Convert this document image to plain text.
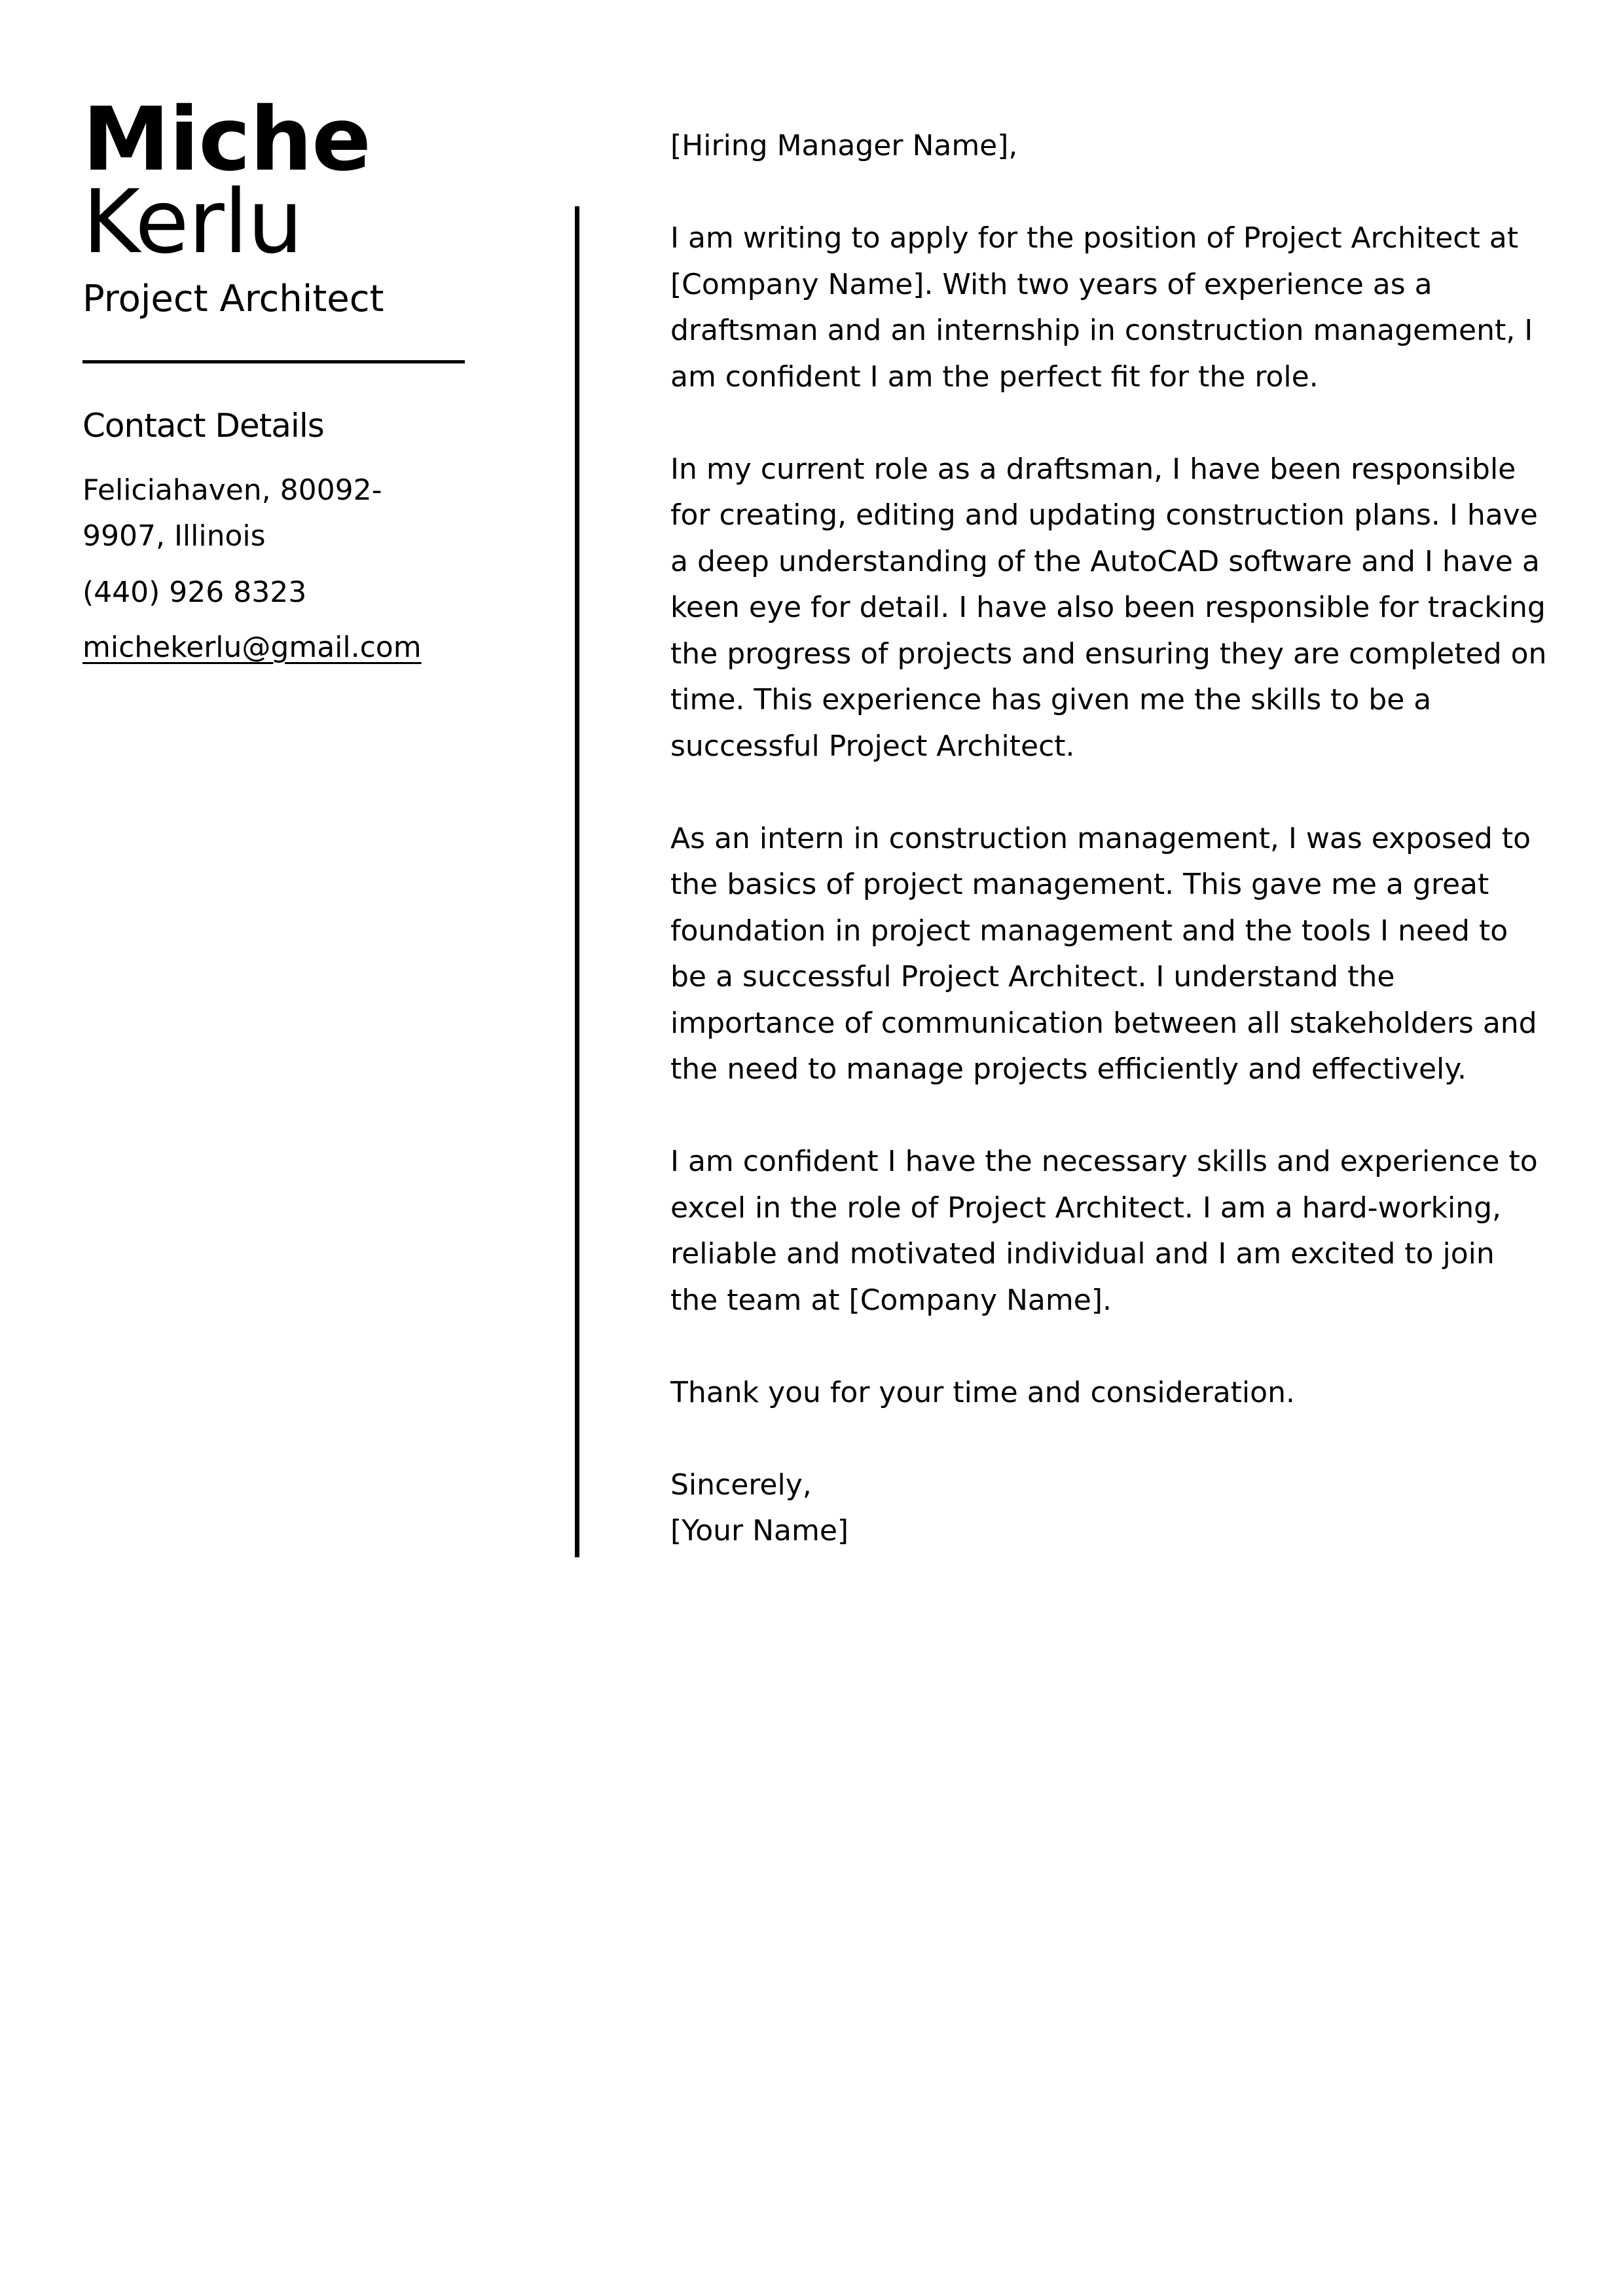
Miche
Kerlu
Project Architect
Contact Details
Feliciahaven, 80092-9907, Illinois
(440) 926 8323
michekerlu@gmail.com

[Hiring Manager Name],

I am writing to apply for the position of Project Architect at [Company Name]. With two years of experience as a draftsman and an internship in construction management, I am confident I am the perfect fit for the role.

In my current role as a draftsman, I have been responsible for creating, editing and updating construction plans. I have a deep understanding of the AutoCAD software and I have a keen eye for detail. I have also been responsible for tracking the progress of projects and ensuring they are completed on time. This experience has given me the skills to be a successful Project Architect.

As an intern in construction management, I was exposed to the basics of project management. This gave me a great foundation in project management and the tools I need to be a successful Project Architect. I understand the importance of communication between all stakeholders and the need to manage projects efficiently and effectively.

I am confident I have the necessary skills and experience to excel in the role of Project Architect. I am a hard-working, reliable and motivated individual and I am excited to join the team at [Company Name].

Thank you for your time and consideration.

Sincerely,
[Your Name]
